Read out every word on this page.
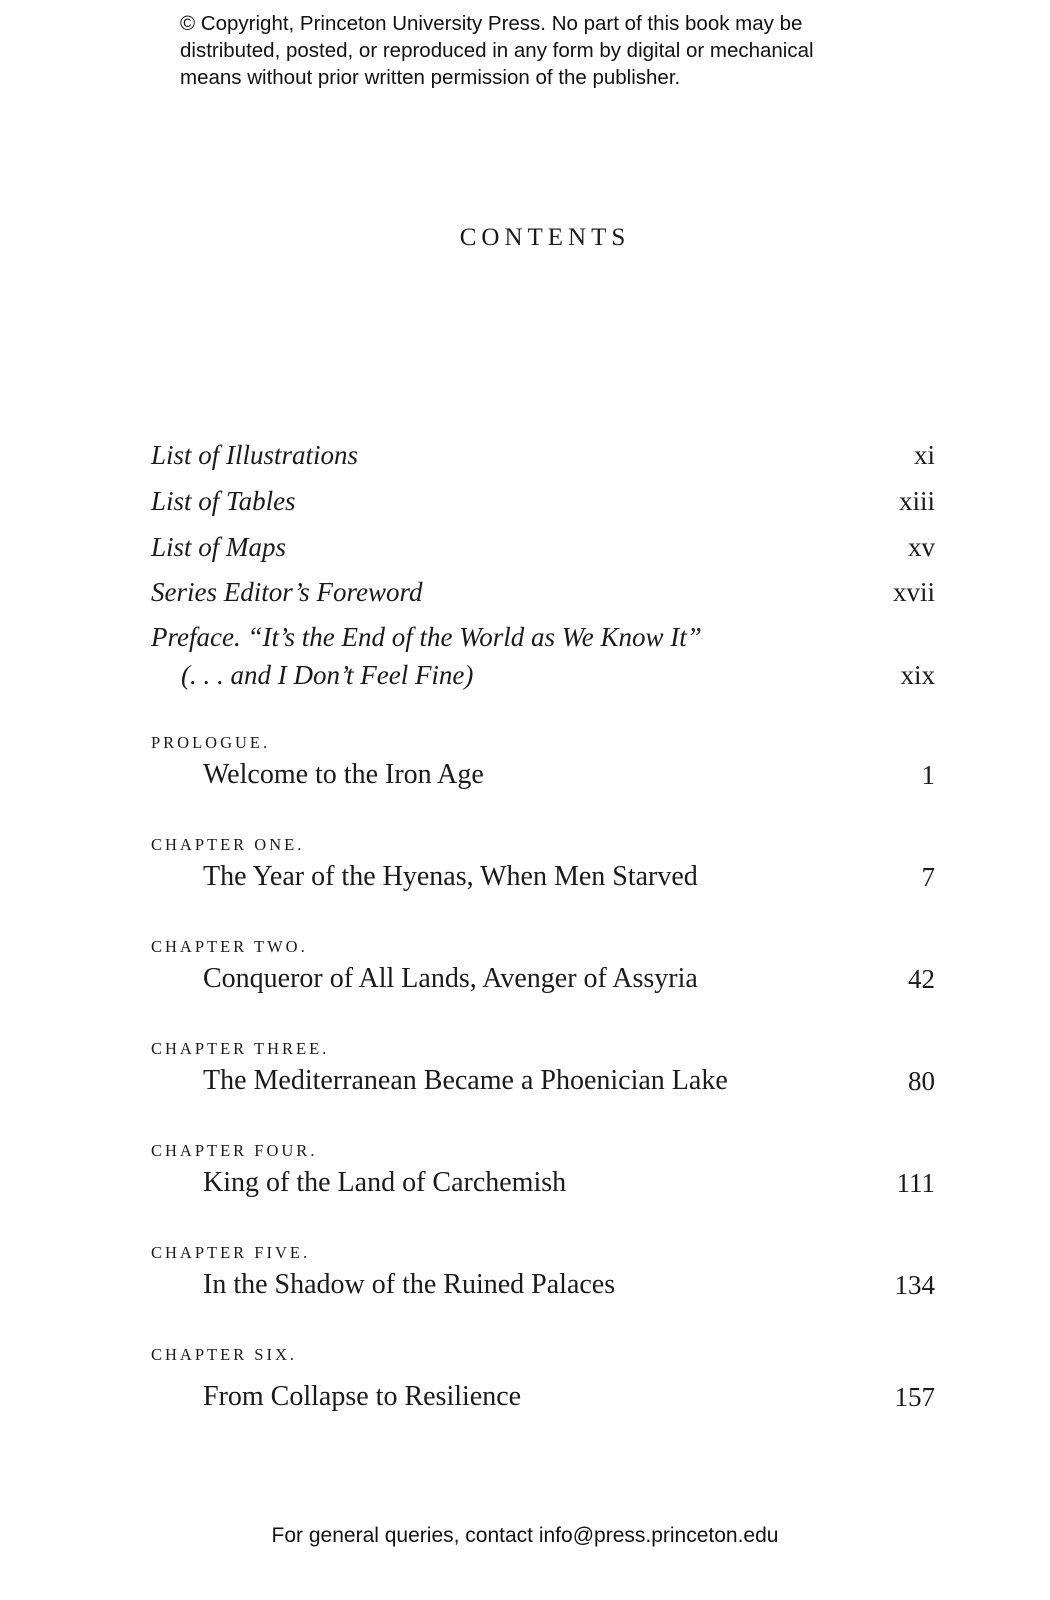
© Copyright, Princeton University Press. No part of this book may be
distributed, posted, or reproduced in any form by digital or mechanical
means without prior written permission of the publisher.
CONTENTS
List of Illustrations	xi
List of Tables	xiii
List of Maps	xv
Series Editor’s Foreword	xvii
Preface. “It’s the End of the World as We Know It”
(. . . and I Don’t Feel Fine)	xix
PROLOGUE.
Welcome to the Iron Age	1
CHAPTER ONE.
The Year of the Hyenas, When Men Starved	7
CHAPTER TWO.
Conqueror of All Lands, Avenger of Assyria	42
CHAPTER THREE.
The Mediterranean Became a Phoenician Lake	80
CHAPTER FOUR.
King of the Land of Carchemish	111
CHAPTER FIVE.
In the Shadow of the Ruined Palaces	134
CHAPTER SIX.
From Collapse to Resilience	157
For general queries, contact info@press.princeton.edu
